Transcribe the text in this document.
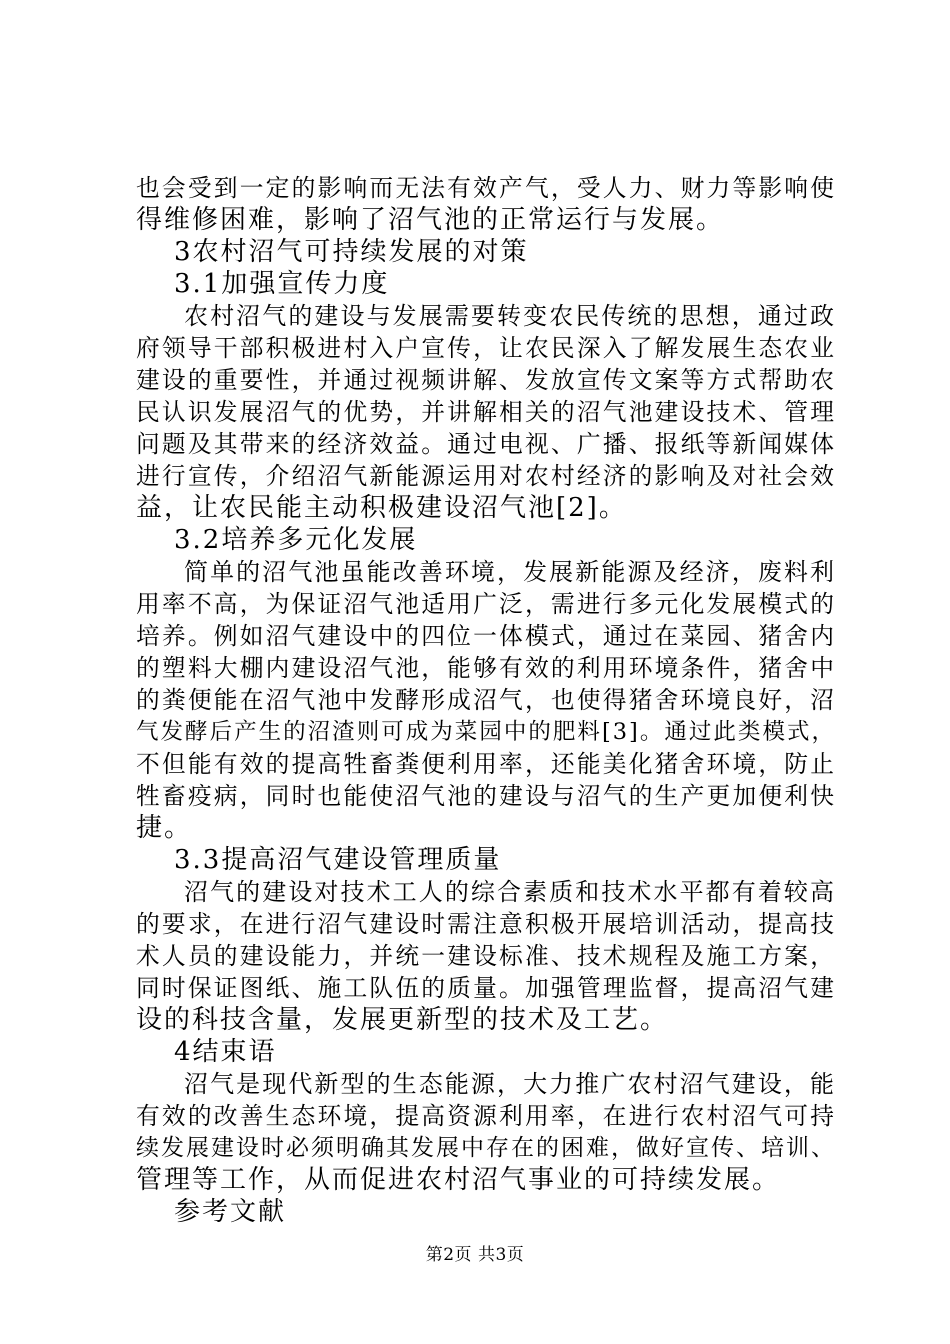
也会受到一定的影响而无法有效产气，受人力、财力等影响使
得维修困难，影响了沼气池的正常运行与发展。
3农村沼气可持续发展的对策
3.1加强宣传力度
农村沼气的建设与发展需要转变农民传统的思想，通过政
府领导干部积极进村入户宣传，让农民深入了解发展生态农业
建设的重要性，并通过视频讲解、发放宣传文案等方式帮助农
民认识发展沼气的优势，并讲解相关的沼气池建设技术、管理
问题及其带来的经济效益。通过电视、广播、报纸等新闻媒体
进行宣传，介绍沼气新能源运用对农村经济的影响及对社会效
益，让农民能主动积极建设沼气池[2]。
3.2培养多元化发展
简单的沼气池虽能改善环境，发展新能源及经济，废料利
用率不高，为保证沼气池适用广泛，需进行多元化发展模式的
培养。例如沼气建设中的四位一体模式，通过在菜园、猪舍内
的塑料大棚内建设沼气池，能够有效的利用环境条件，猪舍中
的粪便能在沼气池中发酵形成沼气，也使得猪舍环境良好，沼
气发酵后产生的沼渣则可成为菜园中的肥料[3]。通过此类模式，
不但能有效的提高牲畜粪便利用率，还能美化猪舍环境，防止
牲畜疫病，同时也能使沼气池的建设与沼气的生产更加便利快
捷。
3.3提高沼气建设管理质量
沼气的建设对技术工人的综合素质和技术水平都有着较高
的要求，在进行沼气建设时需注意积极开展培训活动，提高技
术人员的建设能力，并统一建设标准、技术规程及施工方案，
同时保证图纸、施工队伍的质量。加强管理监督，提高沼气建
设的科技含量，发展更新型的技术及工艺。
4结束语
沼气是现代新型的生态能源，大力推广农村沼气建设，能
有效的改善生态环境，提高资源利用率，在进行农村沼气可持
续发展建设时必须明确其发展中存在的困难，做好宣传、培训、
管理等工作，从而促进农村沼气事业的可持续发展。
参考文献
第2页 共3页
